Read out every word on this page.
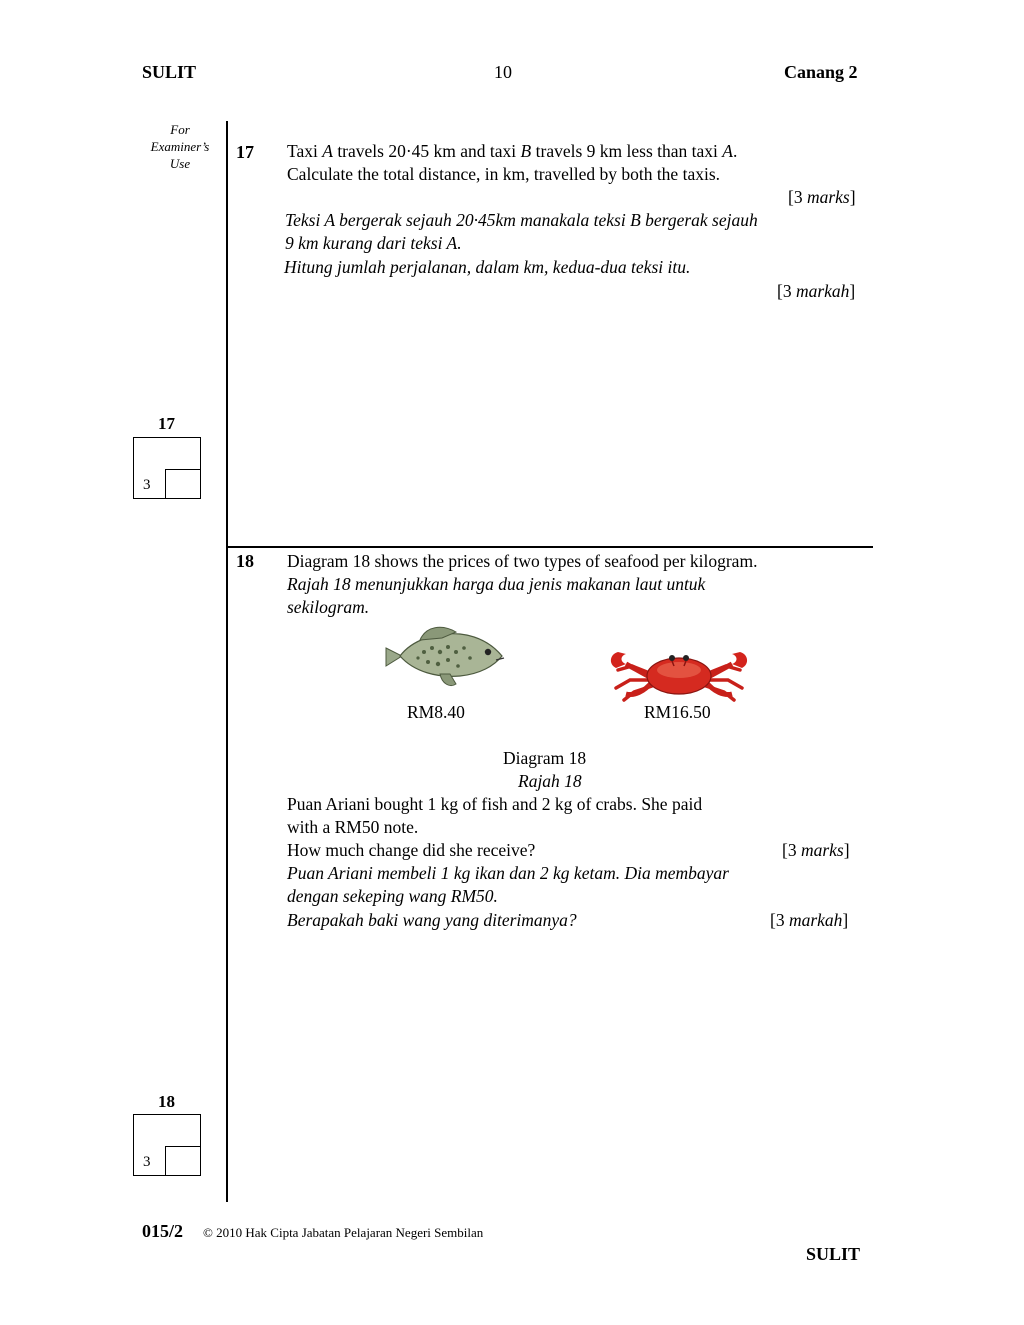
SULIT	10	Canang 2
For
Examiner’s
Use
17 Taxi A travels 20·45 km and taxi B travels 9 km less than taxi A.
Calculate the total distance, in km, travelled by both the taxis.
[3 marks]
Teksi A bergerak sejauh 20·45km manakala teksi B bergerak sejauh
9 km kurang dari teksi A.
Hitung jumlah perjalanan, dalam km, kedua-dua teksi itu.
[3 markah]
17
3
18 Diagram 18 shows the prices of two types of seafood per kilogram.
Rajah 18 menunjukkan harga dua jenis makanan laut untuk
sekilogram.
RM8.40	RM16.50
Diagram 18
Rajah 18
Puan Ariani bought 1 kg of fish and 2 kg of crabs. She paid
with a RM50 note.
How much change did she receive?	[3 marks]
Puan Ariani membeli 1 kg ikan dan 2 kg ketam. Dia membayar
dengan sekeping wang RM50.
Berapakah baki wang yang diterimanya?	[3 markah]
18
3
015/2 © 2010 Hak Cipta Jabatan Pelajaran Negeri Sembilan
SULIT
